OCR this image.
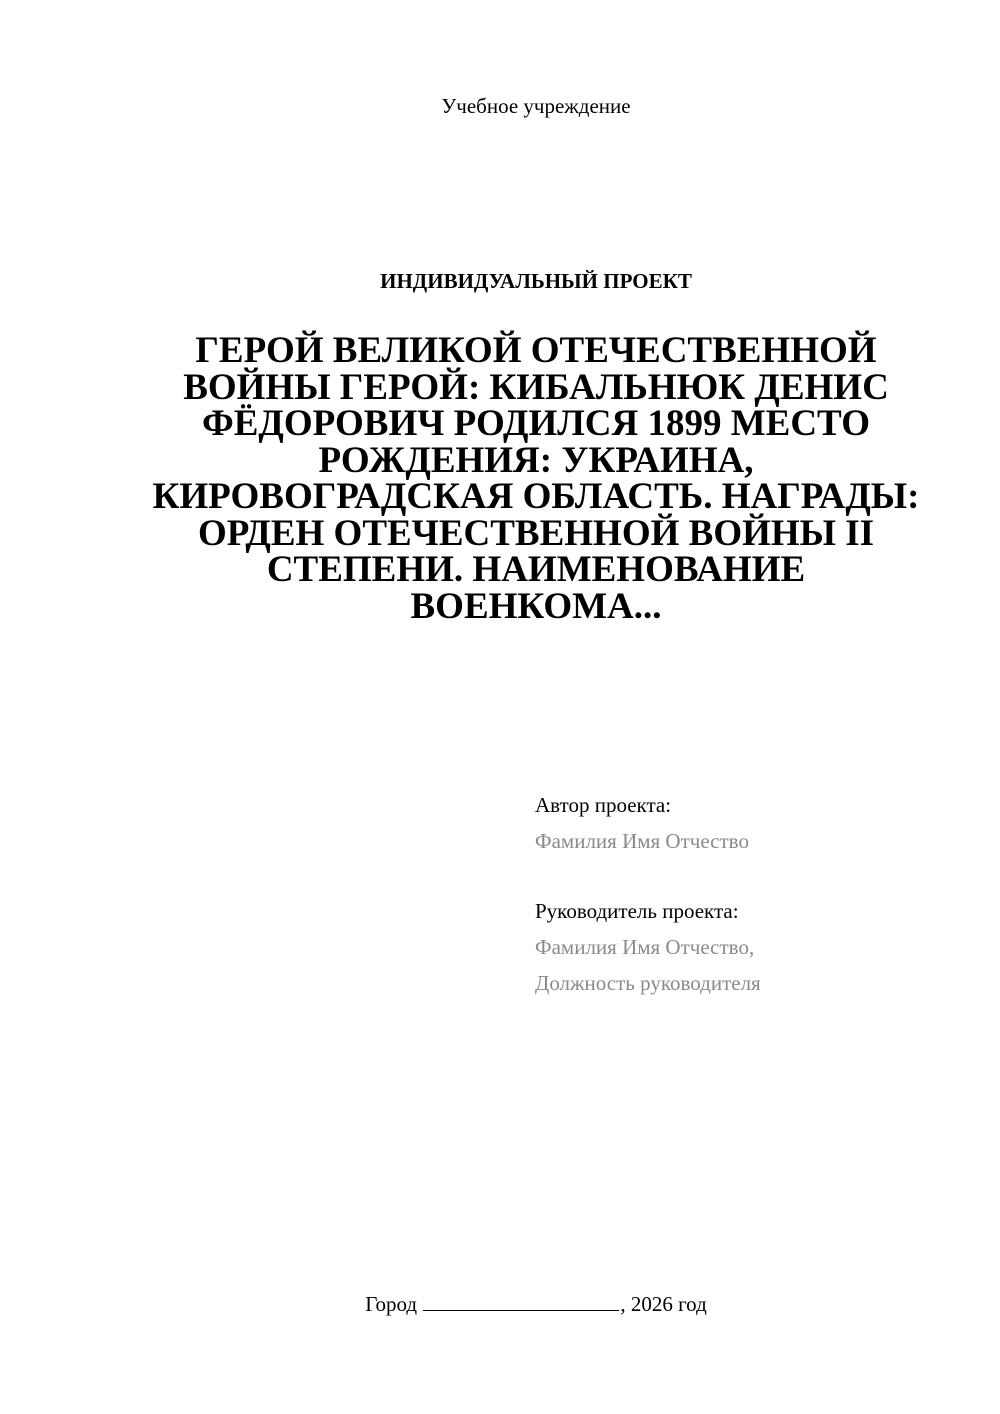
Учебное учреждение
ИНДИВИДУАЛЬНЫЙ ПРОЕКТ
ГЕРОЙ ВЕЛИКОЙ ОТЕЧЕСТВЕННОЙ ВОЙНЫ ГЕРОЙ: КИБАЛЬНЮК ДЕНИС ФЁДОРОВИЧ РОДИЛСЯ 1899 МЕСТО РОЖДЕНИЯ: УКРАИНА, КИРОВОГРАДСКАЯ ОБЛАСТЬ. НАГРАДЫ: ОРДЕН ОТЕЧЕСТВЕННОЙ ВОЙНЫ II СТЕПЕНИ. НАИМЕНОВАНИЕ ВОЕНКОМА...
Автор проекта:
Фамилия Имя Отчество
Руководитель проекта:
Фамилия Имя Отчество,
Должность руководителя
Город	, 2026 год
